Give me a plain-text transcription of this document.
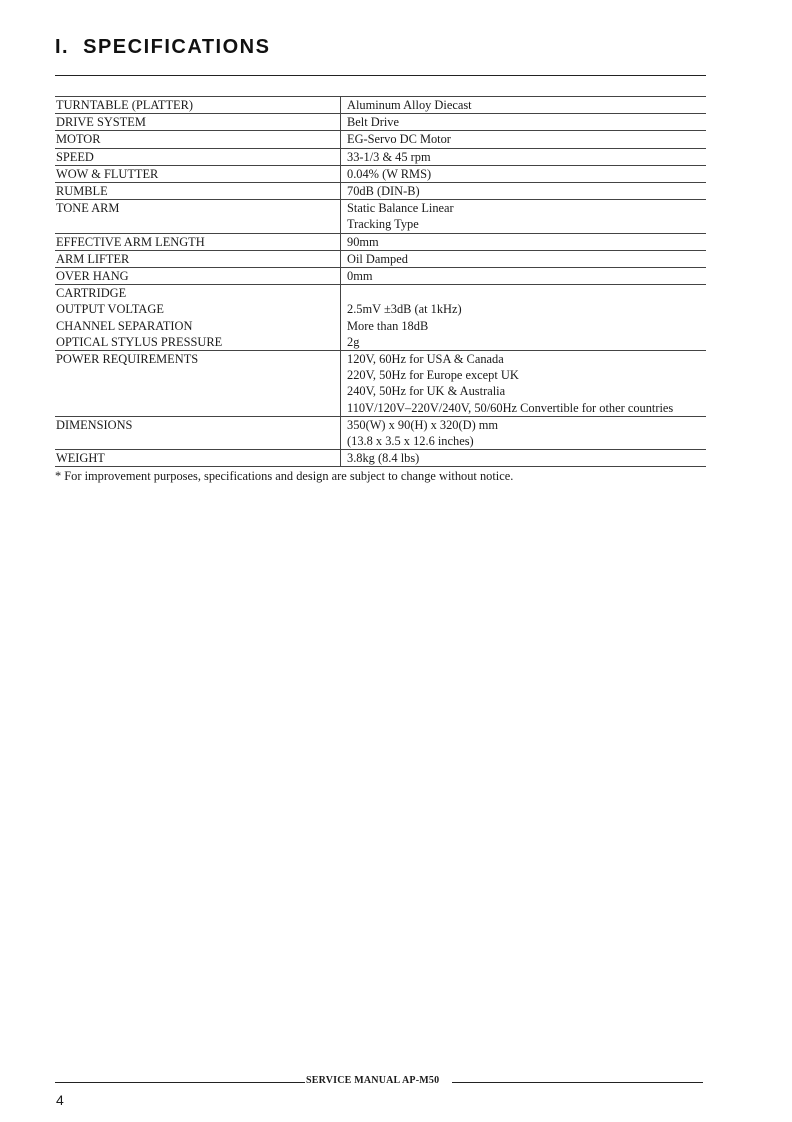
I. SPECIFICATIONS
TURNTABLE (PLATTER)	Aluminum Alloy Diecast

DRIVE SYSTEM	Belt Drive

MOTOR	EG-Servo DC Motor

SPEED	33-1/3 & 45 rpm

WOW & FLUTTER	0.04% (W RMS)

RUMBLE	70dB (DIN-B)

TONE ARM	Static Balance Linear
Tracking Type

EFFECTIVE ARM LENGTH	90mm

ARM LIFTER	Oil Damped

OVER HANG	0mm

CARTRIDGE	

OUTPUT VOLTAGE	2.5mV ±3dB (at 1kHz)

CHANNEL SEPARATION	More than 18dB

OPTICAL STYLUS PRESSURE	2g

POWER REQUIREMENTS	120V, 60Hz for USA & Canada
220V, 50Hz for Europe except UK
240V, 50Hz for UK & Australia
110V/120V–220V/240V, 50/60Hz Convertible for other countries

DIMENSIONS	350(W) x 90(H) x 320(D) mm
(13.8 x 3.5 x 12.6 inches)

WEIGHT	3.8kg (8.4 lbs)
* For improvement purposes, specifications and design are subject to change without notice.
SERVICE MANUAL AP-M50
4
